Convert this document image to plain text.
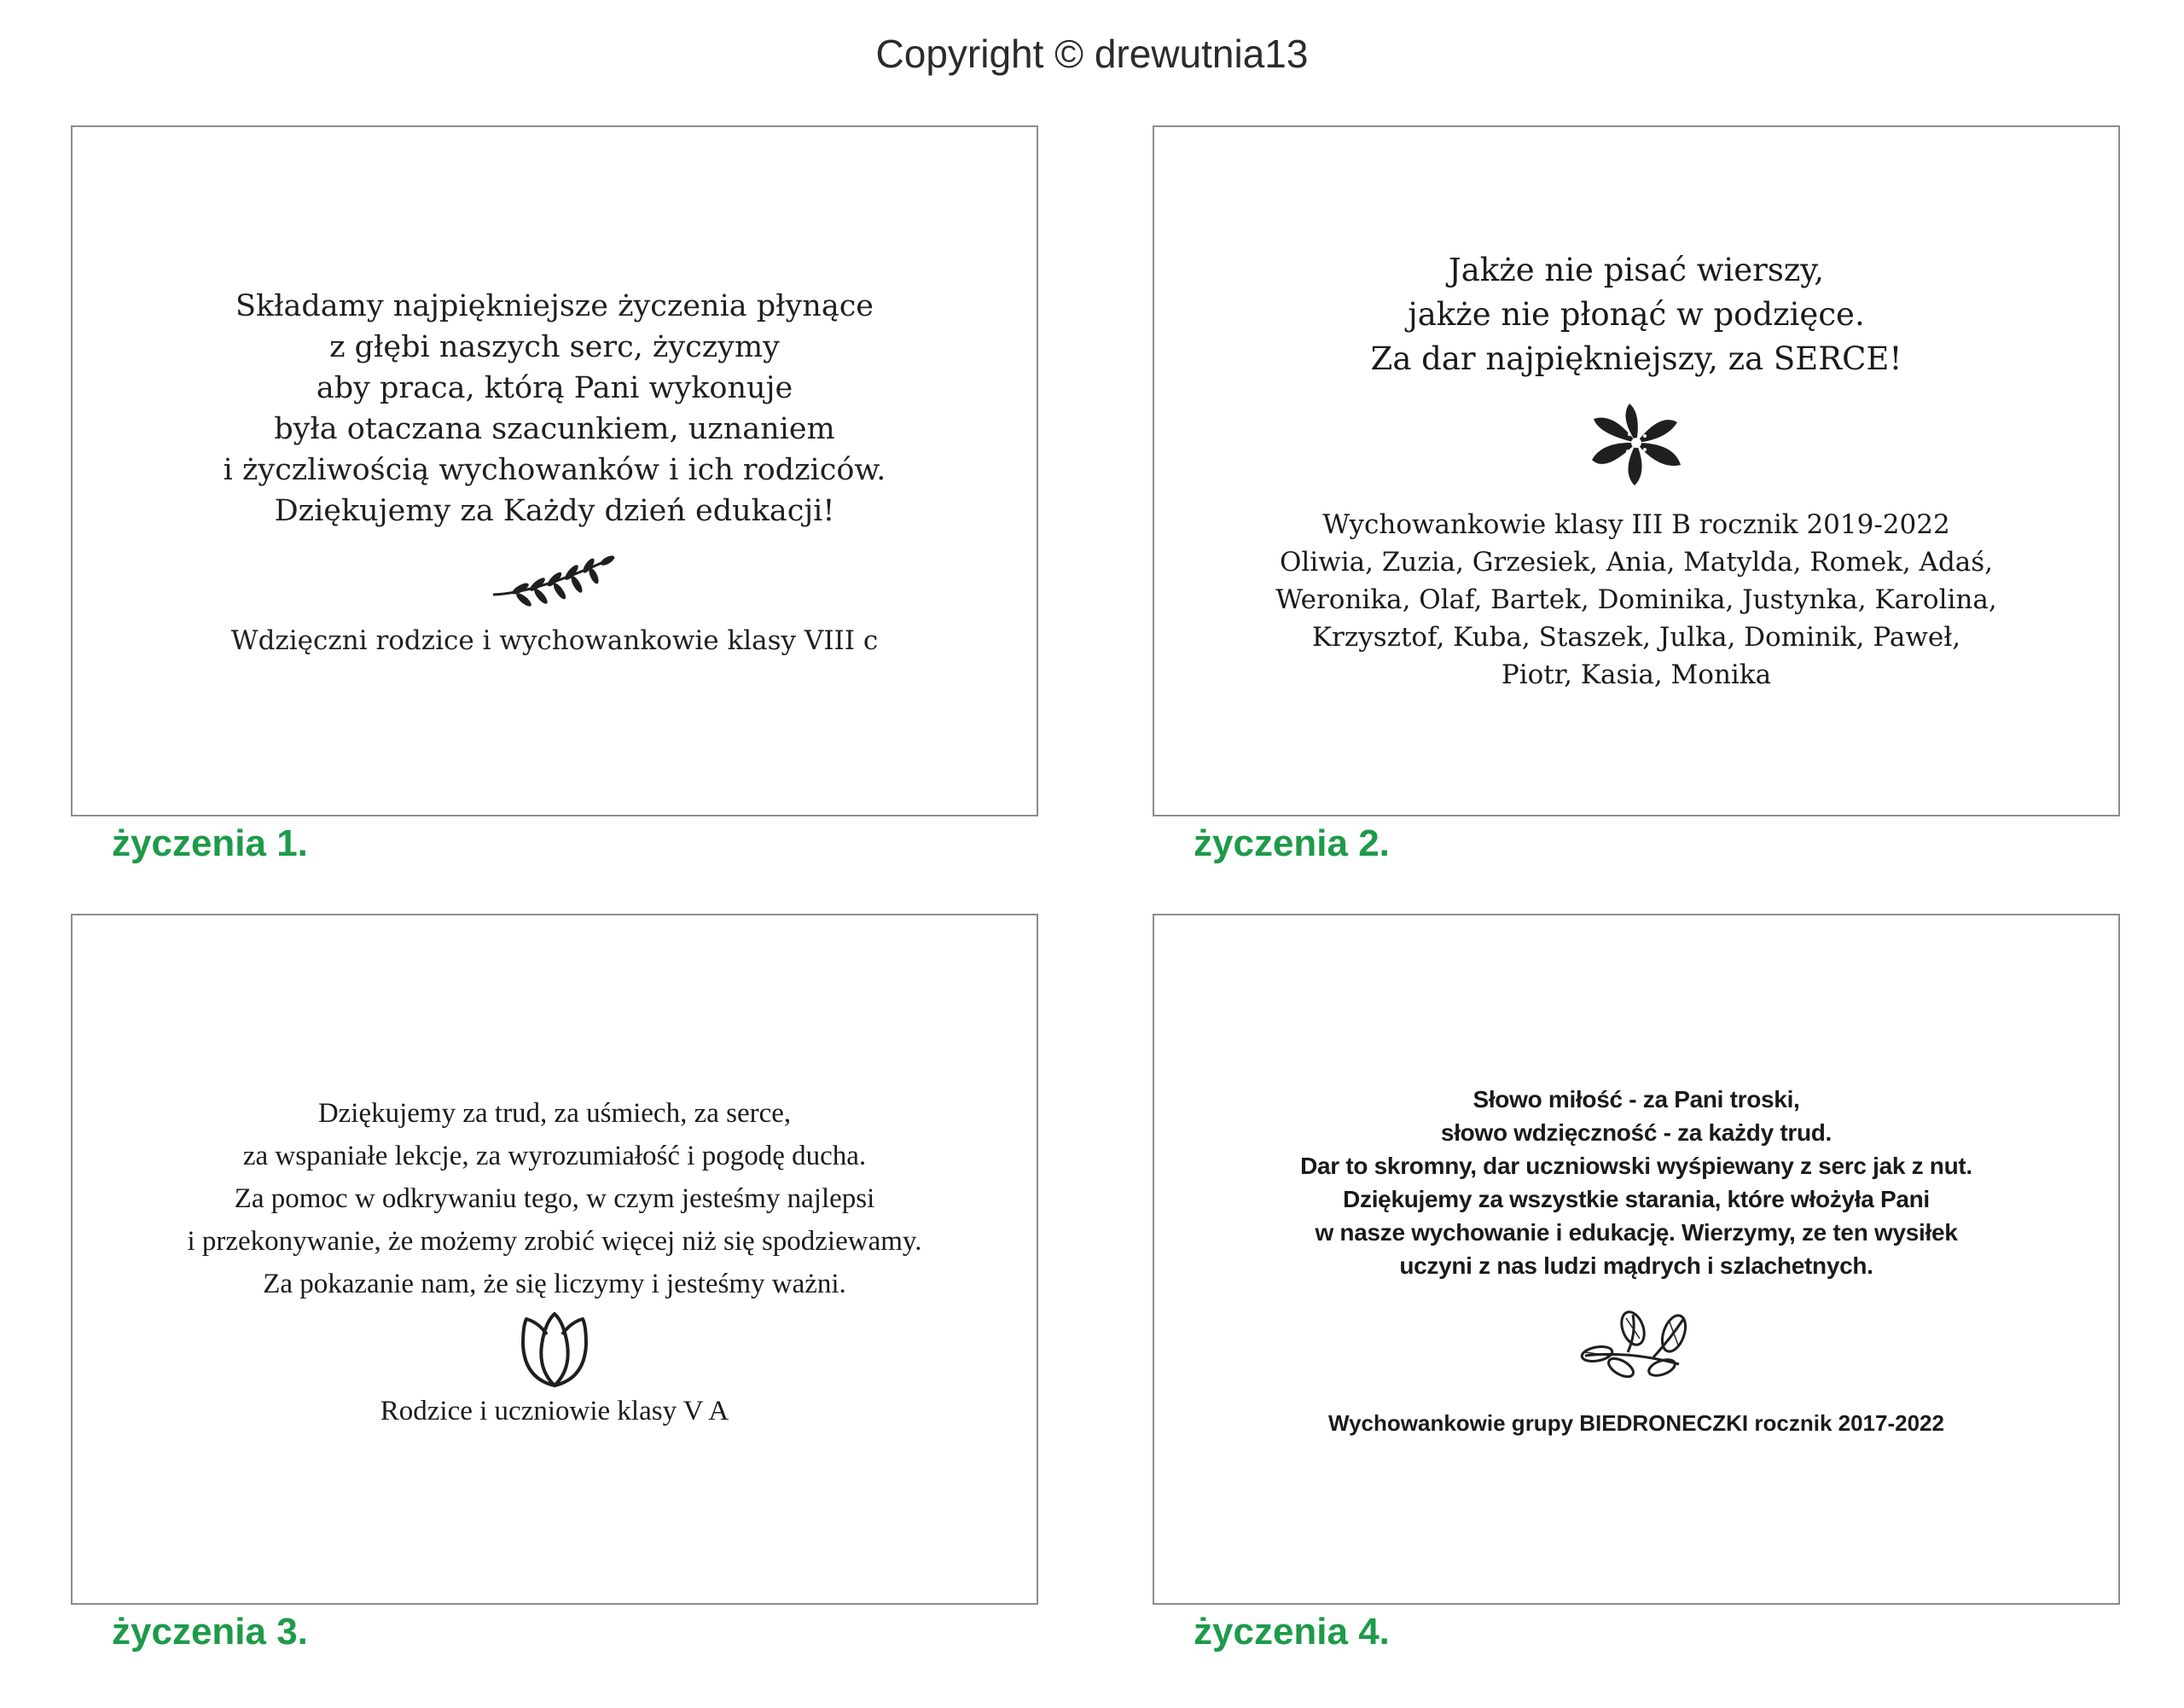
Copyright © drewutnia13
Składamy najpiękniejsze życzenia płynące
z głębi naszych serc, życzymy
aby praca, którą Pani wykonuje
była otaczana szacunkiem, uznaniem
i życzliwością wychowanków i ich rodziców.
Dziękujemy za Każdy dzień edukacji!
Wdzięczni rodzice i wychowankowie klasy VIII c
życzenia 1.
Jakże nie pisać wierszy,
jakże nie płonąć w podzięce.
Za dar najpiękniejszy, za SERCE!
Wychowankowie klasy III B rocznik 2019-2022
Oliwia, Zuzia, Grzesiek, Ania, Matylda, Romek, Adaś,
Weronika, Olaf, Bartek, Dominika, Justynka, Karolina,
Krzysztof, Kuba, Staszek, Julka, Dominik, Paweł,
Piotr, Kasia, Monika
życzenia 2.
Dziękujemy za trud, za uśmiech, za serce,
za wspaniałe lekcje, za wyrozumiałość i pogodę ducha.
Za pomoc w odkrywaniu tego, w czym jesteśmy najlepsi
i przekonywanie, że możemy zrobić więcej niż się spodziewamy.
Za pokazanie nam, że się liczymy i jesteśmy ważni.
Rodzice i uczniowie klasy V A
życzenia 3.
Słowo miłość - za Pani troski,
słowo wdzięczność - za każdy trud.
Dar to skromny, dar uczniowski wyśpiewany z serc jak z nut.
Dziękujemy za wszystkie starania, które włożyła Pani
w nasze wychowanie i edukację. Wierzymy, ze ten wysiłek
uczyni z nas ludzi mądrych i szlachetnych.
Wychowankowie grupy BIEDRONECZKI rocznik 2017-2022
życzenia 4.
